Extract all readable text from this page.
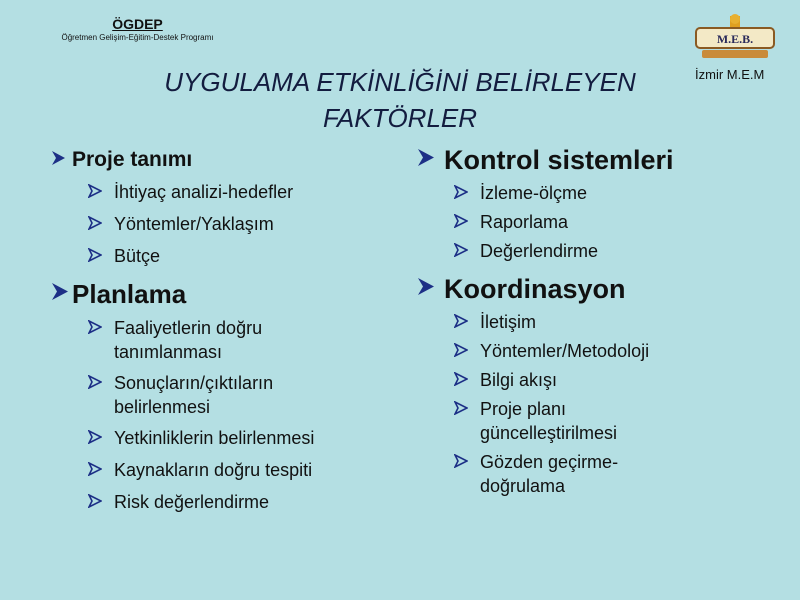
ÖGDEP
Öğretmen Gelişim-Eğitim-Destek Programı	M.E.B.
İzmir M.E.M
UYGULAMA ETKİNLİĞİNİ BELİRLEYEN
FAKTÖRLER
Proje tanımı
İhtiyaç analizi-hedefler
Yöntemler/Yaklaşım
Bütçe
Planlama
Faaliyetlerin doğru tanımlanması
Sonuçların/çıktıların belirlenmesi
Yetkinliklerin belirlenmesi
Kaynakların doğru tespiti
Risk değerlendirme
Kontrol sistemleri
İzleme-ölçme
Raporlama
Değerlendirme
Koordinasyon
İletişim
Yöntemler/Metodoloji
Bilgi akışı
Proje planı güncelleştirilmesi
Gözden geçirme-doğrulama
